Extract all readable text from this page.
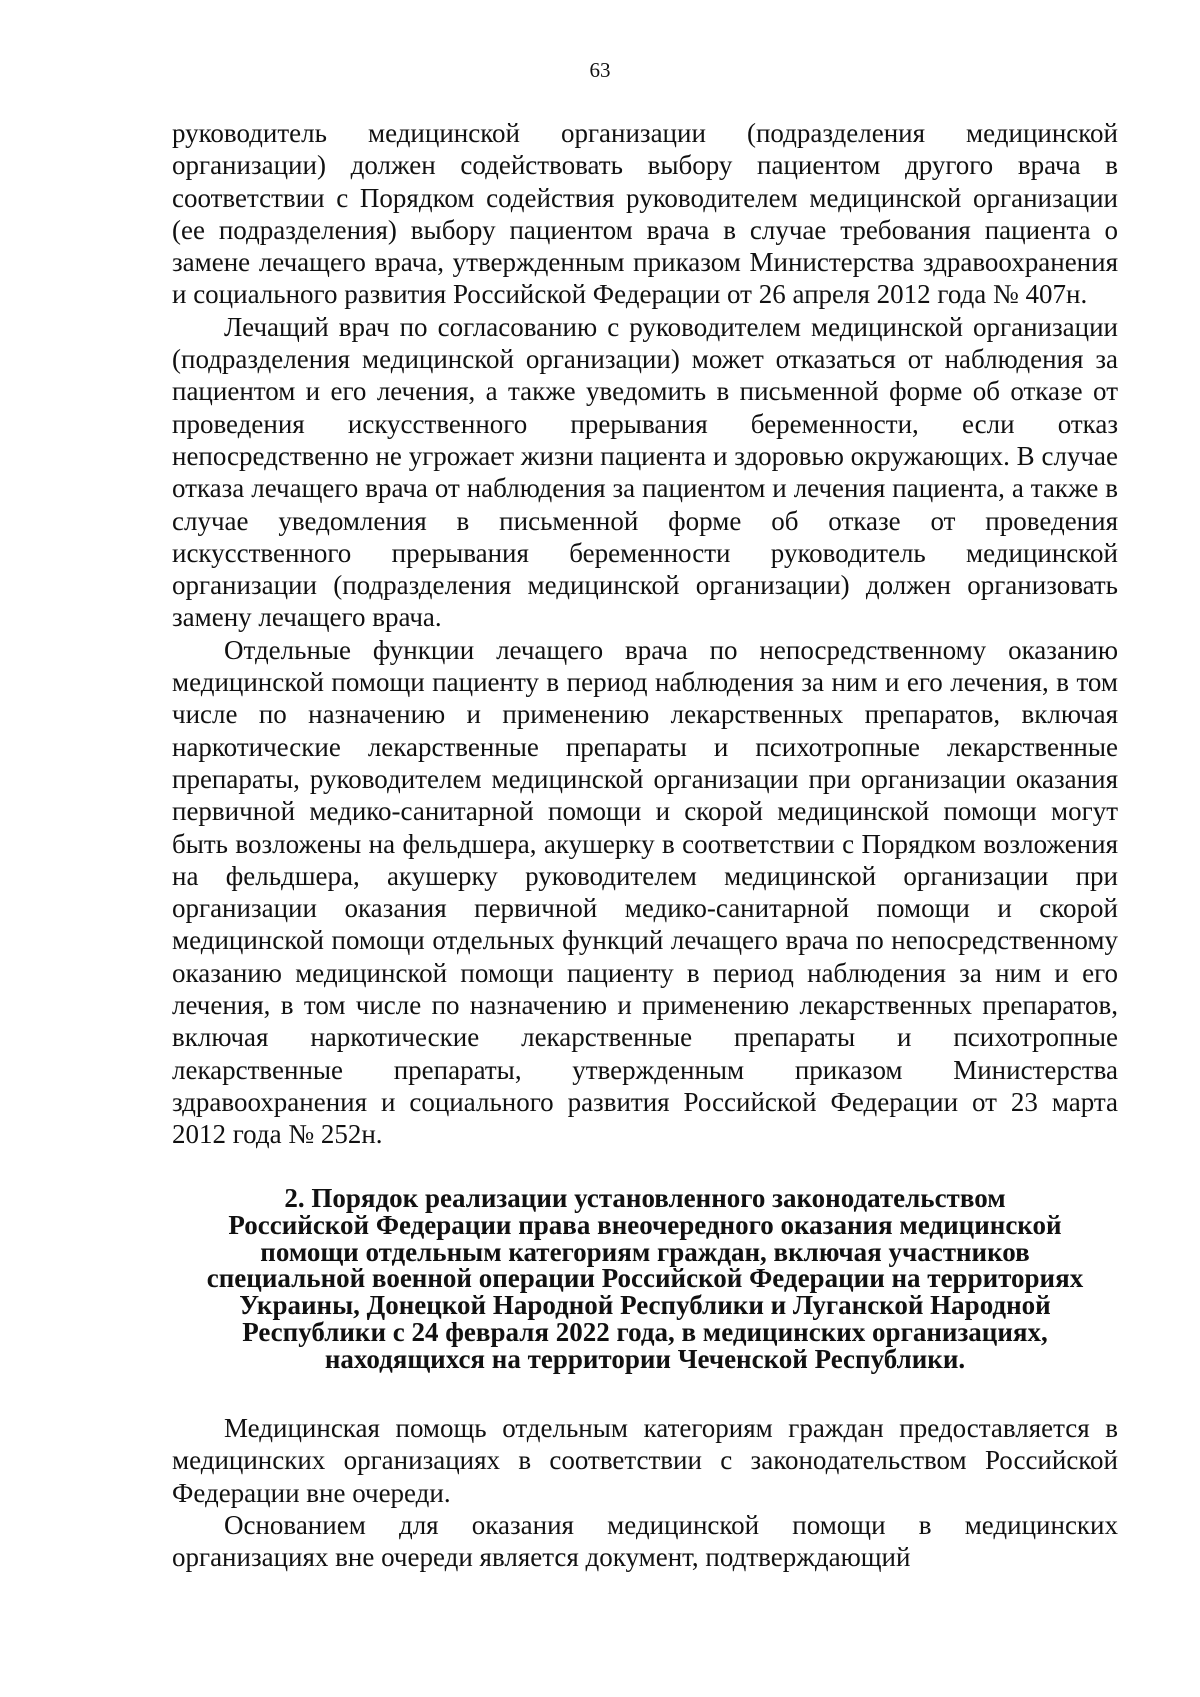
63

руководитель медицинской организации (подразделения медицинской организации) должен содействовать выбору пациентом другого врача в соответствии с Порядком содействия руководителем медицинской организации (ее подразделения) выбору пациентом врача в случае требования пациента о замене лечащего врача, утвержденным приказом Министерства здравоохранения и социального развития Российской Федерации от 26 апреля 2012 года № 407н.

Лечащий врач по согласованию с руководителем медицинской организации (подразделения медицинской организации) может отказаться от наблюдения за пациентом и его лечения, а также уведомить в письменной форме об отказе от проведения искусственного прерывания беременности, если отказ непосредственно не угрожает жизни пациента и здоровью окружающих. В случае отказа лечащего врача от наблюдения за пациентом и лечения пациента, а также в случае уведомления в письменной форме об отказе от проведения искусственного прерывания беременности руководитель медицинской организации (подразделения медицинской организации) должен организовать замену лечащего врача.

Отдельные функции лечащего врача по непосредственному оказанию медицинской помощи пациенту в период наблюдения за ним и его лечения, в том числе по назначению и применению лекарственных препаратов, включая наркотические лекарственные препараты и психотропные лекарственные препараты, руководителем медицинской организации при организации оказания первичной медико-санитарной помощи и скорой медицинской помощи могут быть возложены на фельдшера, акушерку в соответствии с Порядком возложения на фельдшера, акушерку руководителем медицинской организации при организации оказания первичной медико-санитарной помощи и скорой медицинской помощи отдельных функций лечащего врача по непосредственному оказанию медицинской помощи пациенту в период наблюдения за ним и его лечения, в том числе по назначению и применению лекарственных препаратов, включая наркотические лекарственные препараты и психотропные лекарственные препараты, утвержденным приказом Министерства здравоохранения и социального развития Российской Федерации от 23 марта 2012 года № 252н.

2. Порядок реализации установленного законодательством
Российской Федерации права внеочередного оказания медицинской
помощи отдельным категориям граждан, включая участников
специальной военной операции Российской Федерации на территориях
Украины, Донецкой Народной Республики и Луганской Народной
Республики с 24 февраля 2022 года, в медицинских организациях,
находящихся на территории Чеченской Республики.

Медицинская помощь отдельным категориям граждан предоставляется в медицинских организациях в соответствии с законодательством Российской Федерации вне очереди.

Основанием для оказания медицинской помощи в медицинских организациях вне очереди является документ, подтверждающий
